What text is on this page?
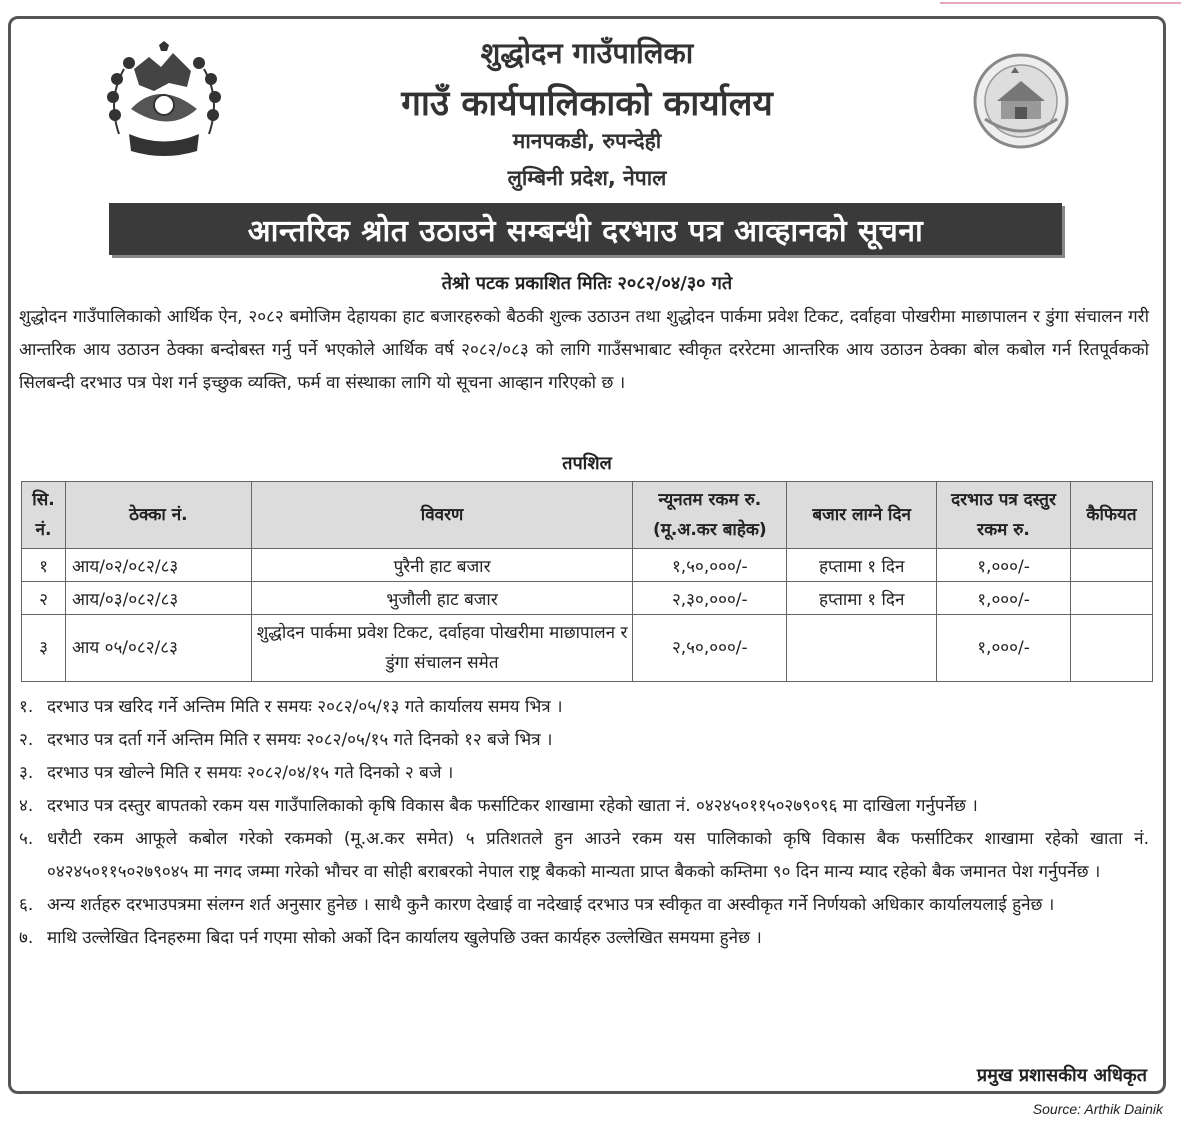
शुद्धोदन गाउँपालिका
गाउँ कार्यपालिकाको कार्यालय
मानपकडी, रुपन्देही
लुम्बिनी प्रदेश, नेपाल
आन्तरिक श्रोत उठाउने सम्बन्धी दरभाउ पत्र आव्हानको सूचना
तेश्रो पटक प्रकाशित मितिः २०८२/०४/३० गते
शुद्धोदन गाउँपालिकाको आर्थिक ऐन, २०८२ बमोजिम देहायका हाट बजारहरुको बैठकी शुल्क उठाउन तथा शुद्धोदन पार्कमा प्रवेश टिकट, दर्वाहवा पोखरीमा माछापालन र डुंगा संचालन गरी आन्तरिक आय उठाउन ठेक्का बन्दोबस्त गर्नु पर्ने भएकोले आर्थिक वर्ष २०८२/०८३ को लागि गाउँसभाबाट स्वीकृत दररेटमा आन्तरिक आय उठाउन ठेक्का बोल कबोल गर्न रितपूर्वकको सिलबन्दी दरभाउ पत्र पेश गर्न इच्छुक व्यक्ति, फर्म वा संस्थाका लागि यो सूचना आव्हान गरिएको छ ।
तपशिल
सि. नं.	ठेक्का नं.	विवरण	न्यूनतम रकम रु. (मू.अ.कर बाहेक)	बजार लाग्ने दिन	दरभाउ पत्र दस्तुर रकम रु.	कैफियत
१	आय/०२/०८२/८३	पुरैनी हाट बजार	१,५०,०००/-	हप्तामा १ दिन	१,०००/-	
२	आय/०३/०८२/८३	भुजौली हाट बजार	२,३०,०००/-	हप्तामा १ दिन	१,०००/-	
३	आय ०५/०८२/८३	शुद्धोदन पार्कमा प्रवेश टिकट, दर्वाहवा पोखरीमा माछापालन र डुंगा संचालन समेत	२,५०,०००/-		१,०००/-	
१. दरभाउ पत्र खरिद गर्ने अन्तिम मिति र समयः २०८२/०५/१३ गते कार्यालय समय भित्र ।
२. दरभाउ पत्र दर्ता गर्ने अन्तिम मिति र समयः २०८२/०५/१५ गते दिनको १२ बजे भित्र ।
३. दरभाउ पत्र खोल्ने मिति र समयः २०८२/०४/१५ गते दिनको २ बजे ।
४. दरभाउ पत्र दस्तुर बापतको रकम यस गाउँपालिकाको कृषि विकास बैक फर्साटिकर शाखामा रहेको खाता नं. ०४२४५०११५०२७९०९६ मा दाखिला गर्नुपर्नेछ ।
५. धरौटी रकम आफूले कबोल गरेको रकमको (मू.अ.कर समेत) ५ प्रतिशतले हुन आउने रकम यस पालिकाको कृषि विकास बैक फर्साटिकर शाखामा रहेको खाता नं. ०४२४५०११५०२७९०४५ मा नगद जम्मा गरेको भौचर वा सोही बराबरको नेपाल राष्ट्र बैकको मान्यता प्राप्त बैकको कम्तिमा ९० दिन मान्य म्याद रहेको बैक जमानत पेश गर्नुपर्नेछ ।
६. अन्य शर्तहरु दरभाउपत्रमा संलग्न शर्त अनुसार हुनेछ । साथै कुनै कारण देखाई वा नदेखाई दरभाउ पत्र स्वीकृत वा अस्वीकृत गर्ने निर्णयको अधिकार कार्यालयलाई हुनेछ ।
७. माथि उल्लेखित दिनहरुमा बिदा पर्न गएमा सोको अर्को दिन कार्यालय खुलेपछि उक्त कार्यहरु उल्लेखित समयमा हुनेछ ।
प्रमुख प्रशासकीय अधिकृत
Source: Arthik Dainik
